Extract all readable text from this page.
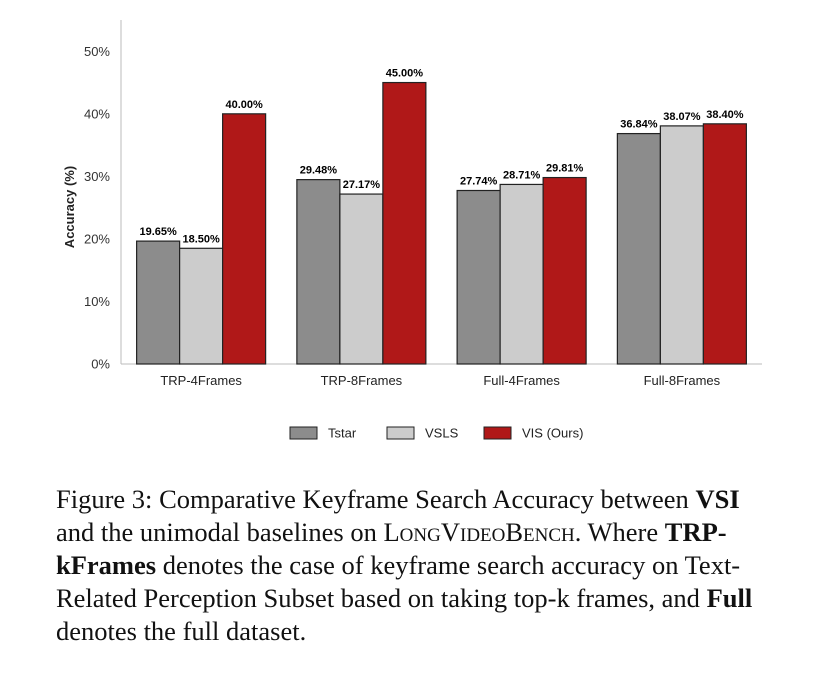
0%
10%
20%
30%
40%
50%
Accuracy (%)
TRP-4Frames	TRP-8Frames	Full-4Frames	Full-8Frames
19.65%
18.50%
40.00%
29.48%
27.17%
45.00%
27.74%
28.71%
29.81%
36.84%
38.07% 38.40%
Tstar	VSLS	VIS (Ours)
Figure 3: Comparative Keyframe Search Accuracy between VSI and the unimodal baselines on LongVideoBench. Where TRP-kFrames denotes the case of keyframe search accuracy on Text-Related Perception Subset based on taking top-k frames, and Full denotes the full dataset.
